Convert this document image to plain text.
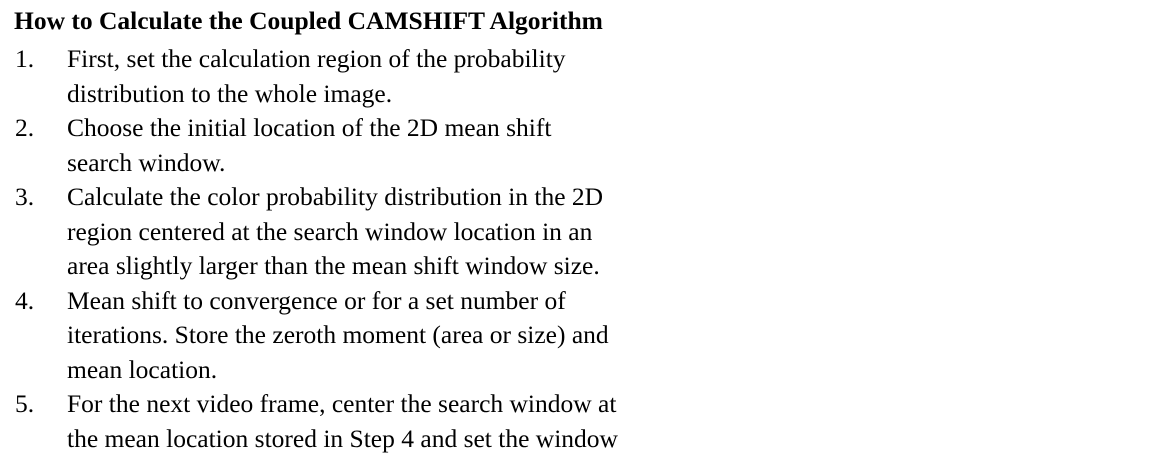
How to Calculate the Coupled CAMSHIFT Algorithm
1.	First, set the calculation region of the probability
distribution to the whole image.
2.	Choose the initial location of the 2D mean shift
search window.
3.	Calculate the color probability distribution in the 2D
region centered at the search window location in an
area slightly larger than the mean shift window size.
4.	Mean shift to convergence or for a set number of
iterations. Store the zeroth moment (area or size) and
mean location.
5.	For the next video frame, center the search window at
the mean location stored in Step 4 and set the window
